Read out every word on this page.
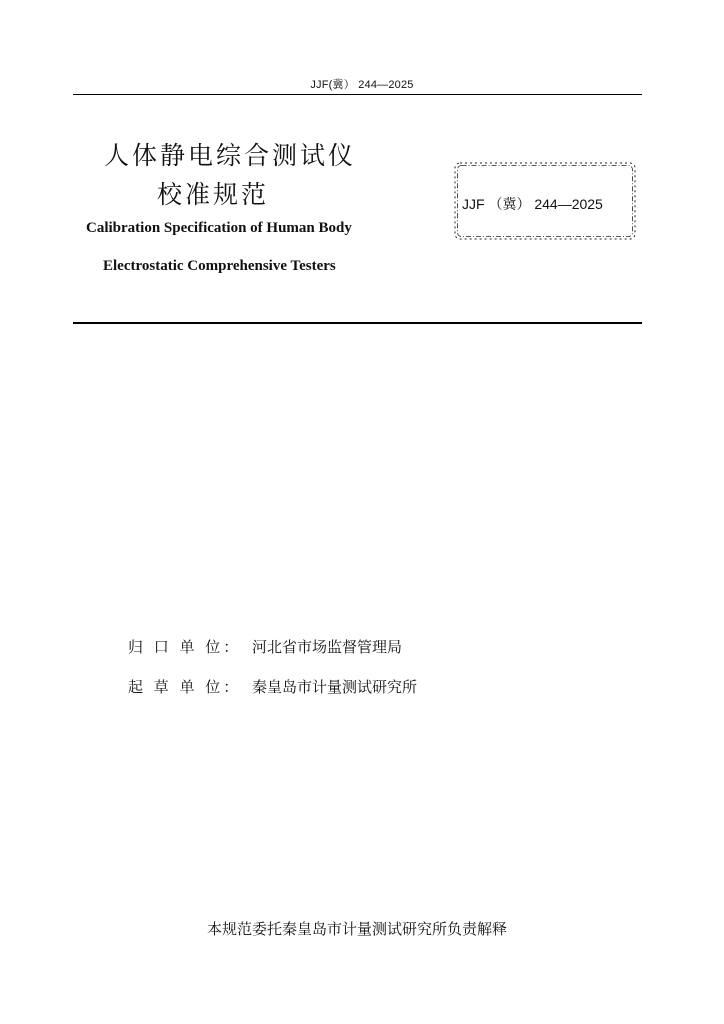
JJF(冀） 244—2025
人体静电综合测试仪
校准规范
Calibration Specification of Human Body
Electrostatic Comprehensive Testers
JJF （冀） 244—2025
归 口 单 位： 河北省市场监督管理局
起 草 单 位： 秦皇岛市计量测试研究所
本规范委托秦皇岛市计量测试研究所负责解释
